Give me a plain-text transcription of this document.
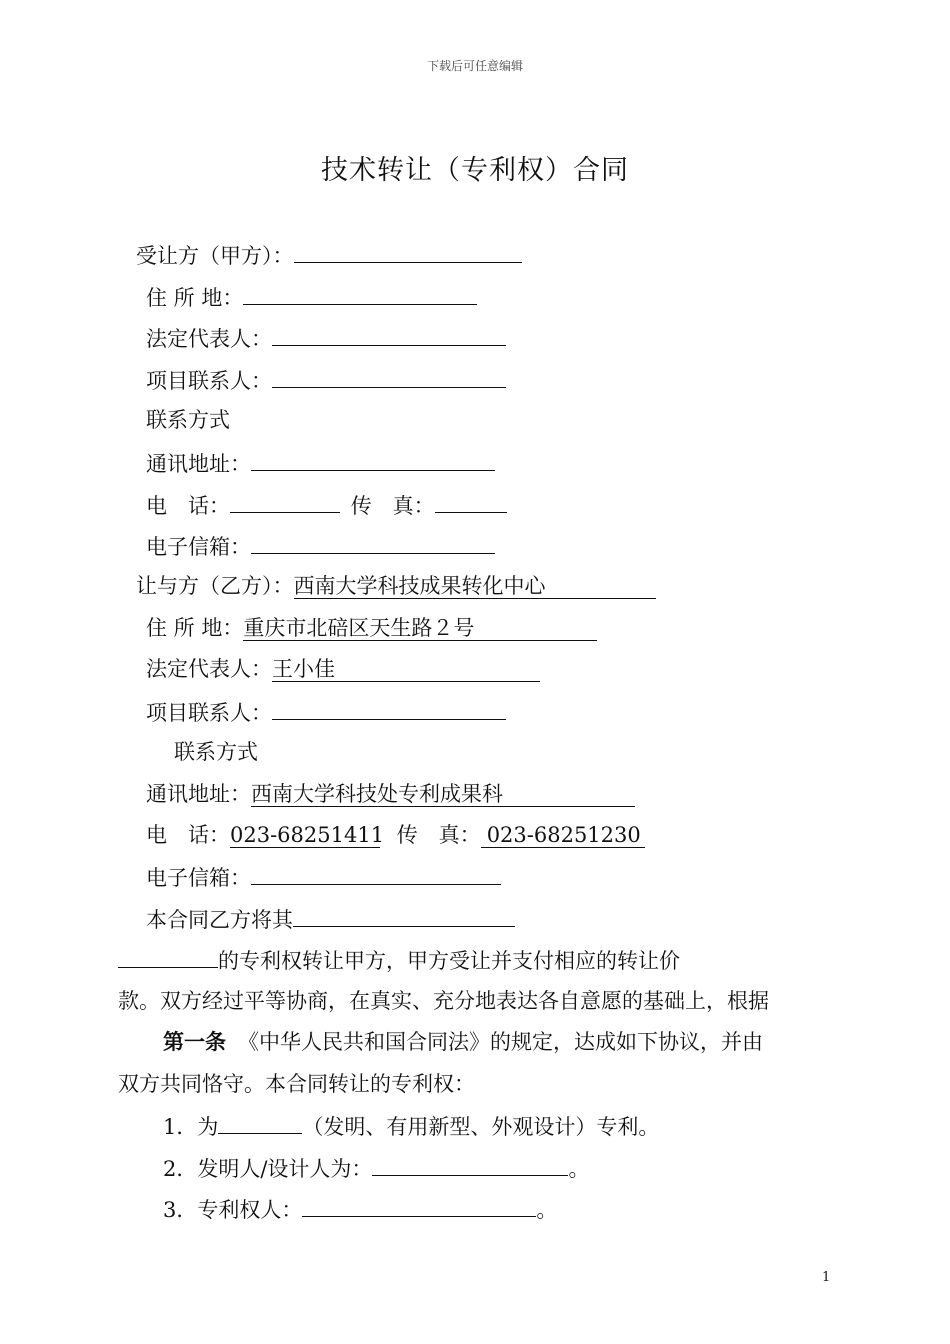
下载后可任意编辑
技术转让（专利权）合同
受让方（甲方）：
住 所 地：
法定代表人：
项目联系人：
联系方式
通讯地址：
电　话：	传　真：
电子信箱：
让与方（乙方）：西南大学科技成果转化中心
住 所 地：重庆市北碚区天生路２号
法定代表人：王小佳
项目联系人：
联系方式
通讯地址：西南大学科技处专利成果科
电　话：023-68251411 传　真： 023-68251230
电子信箱：
本合同乙方将其
的专利权转让甲方，甲方受让并支付相应的转让价
款。双方经过平等协商，在真实、充分地表达各自意愿的基础上，根据
第一条 《中华人民共和国合同法》的规定，达成如下协议，并由
双方共同恪守。本合同转让的专利权：
1．为	（发明、有用新型、外观设计）专利。
2．发明人/设计人为：	。
3．专利权人：	。
1
